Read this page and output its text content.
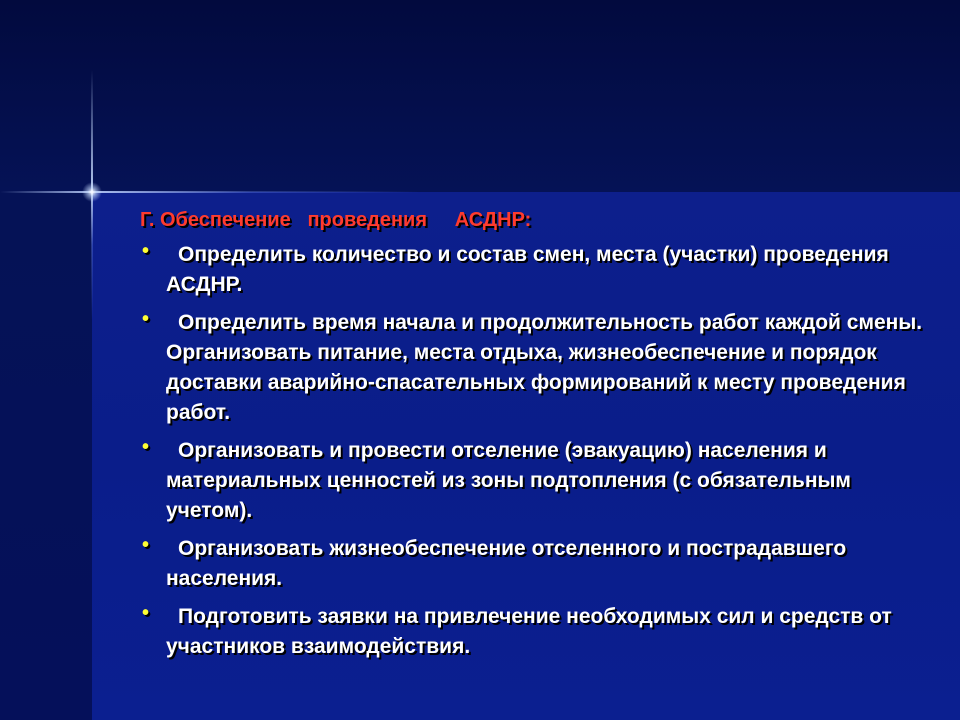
Г. Обеспечение   проведения     АСДНР:
•	Определить количество и состав смен, места (участки) проведения АСДНР.
•	Определить время начала и продолжительность работ каждой смены. Организовать питание, места отдыха, жизнеобеспечение и порядок доставки аварийно-спасательных формирований к месту проведения работ.
•	Организовать и провести отселение (эвакуацию) населения и материальных ценностей из зоны подтопления (с обязательным учетом).
•	Организовать жизнеобеспечение отселенного и пострадавшего населения.
•	Подготовить заявки на привлечение необходимых сил и средств от участников взаимодействия.
